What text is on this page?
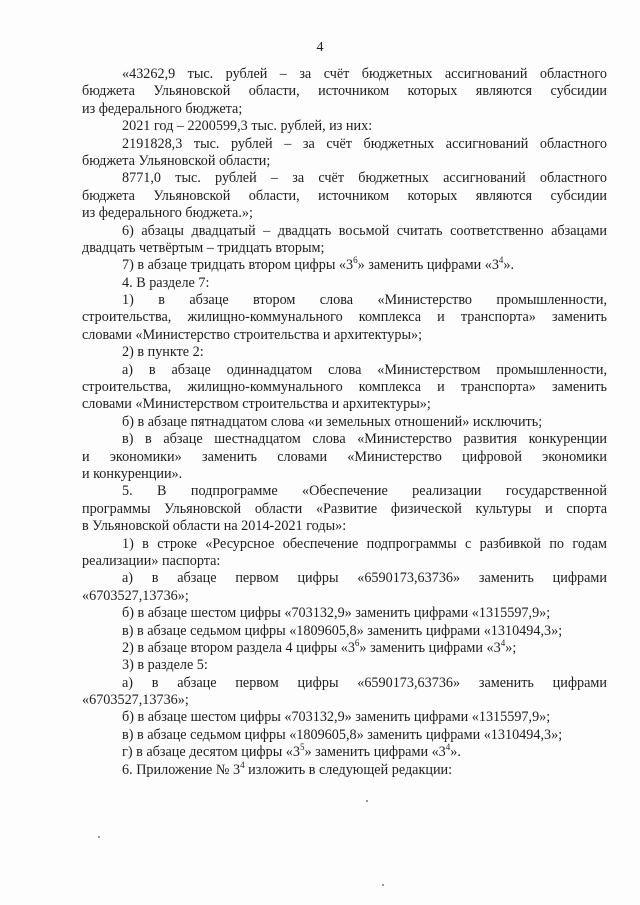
4
«43262,9 тыс. рублей – за счёт бюджетных ассигнований областного
бюджета Ульяновской области, источником которых являются субсидии
из федерального бюджета;
2021 год – 2200599,3 тыс. рублей, из них:
2191828,3 тыс. рублей – за счёт бюджетных ассигнований областного
бюджета Ульяновской области;
8771,0 тыс. рублей – за счёт бюджетных ассигнований областного
бюджета Ульяновской области, источником которых являются субсидии
из федерального бюджета.»;
6) абзацы двадцатый – двадцать восьмой считать соответственно абзацами
двадцать четвёртым – тридцать вторым;
7) в абзаце тридцать втором цифры «$3^6$» заменить цифрами «$3^4$».
4. В разделе 7:
1) в абзаце втором слова «Министерство промышленности,
строительства, жилищно-коммунального комплекса и транспорта» заменить
словами «Министерство строительства и архитектуры»;
2) в пункте 2:
а) в абзаце одиннадцатом слова «Министерством промышленности,
строительства, жилищно-коммунального комплекса и транспорта» заменить
словами «Министерством строительства и архитектуры»;
б) в абзаце пятнадцатом слова «и земельных отношений» исключить;
в) в абзаце шестнадцатом слова «Министерство развития конкуренции
и экономики» заменить словами «Министерство цифровой экономики
и конкуренции».
5. В подпрограмме «Обеспечение реализации государственной
программы Ульяновской области «Развитие физической культуры и спорта
в Ульяновской области на 2014-2021 годы»:
1) в строке «Ресурсное обеспечение подпрограммы с разбивкой по годам
реализации» паспорта:
а) в абзаце первом цифры «6590173,63736» заменить цифрами
«6703527,13736»;
б) в абзаце шестом цифры «703132,9» заменить цифрами «1315597,9»;
в) в абзаце седьмом цифры «1809605,8» заменить цифрами «1310494,3»;
2) в абзаце втором раздела 4 цифры «$3^6$» заменить цифрами «$3^4$»;
3) в разделе 5:
а) в абзаце первом цифры «6590173,63736» заменить цифрами
«6703527,13736»;
б) в абзаце шестом цифры «703132,9» заменить цифрами «1315597,9»;
в) в абзаце седьмом цифры «1809605,8» заменить цифрами «1310494,3»;
г) в абзаце десятом цифры «$3^5$» заменить цифрами «$3^4$».
6. Приложение № $3^4$ изложить в следующей редакции:
